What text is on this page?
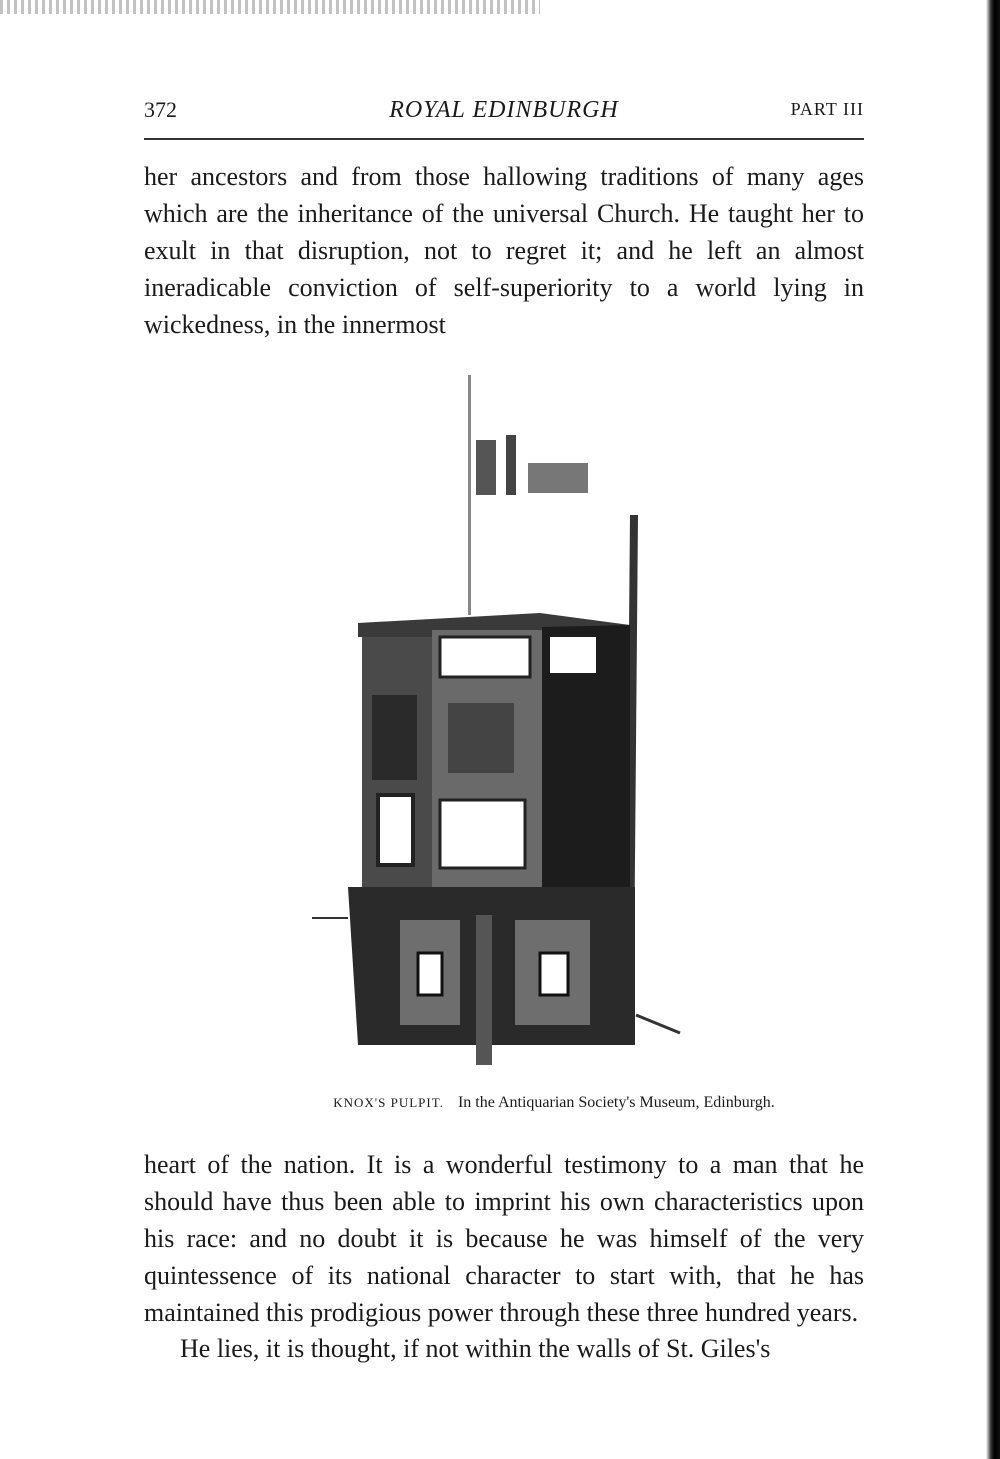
372	ROYAL EDINBURGH	PART III

her ancestors and from those hallowing traditions of many ages which are the inheritance of the universal Church. He taught her to exult in that disruption, not to regret it; and he left an almost ineradicable conviction of self-superiority to a world lying in wickedness, in the innermost

KNOX'S PULPIT. In the Antiquarian Society's Museum, Edinburgh.

heart of the nation. It is a wonderful testimony to a man that he should have thus been able to imprint his own characteristics upon his race: and no doubt it is because he was himself of the very quintessence of its national character to start with, that he has maintained this prodigious power through these three hundred years.

He lies, it is thought, if not within the walls of St. Giles's
